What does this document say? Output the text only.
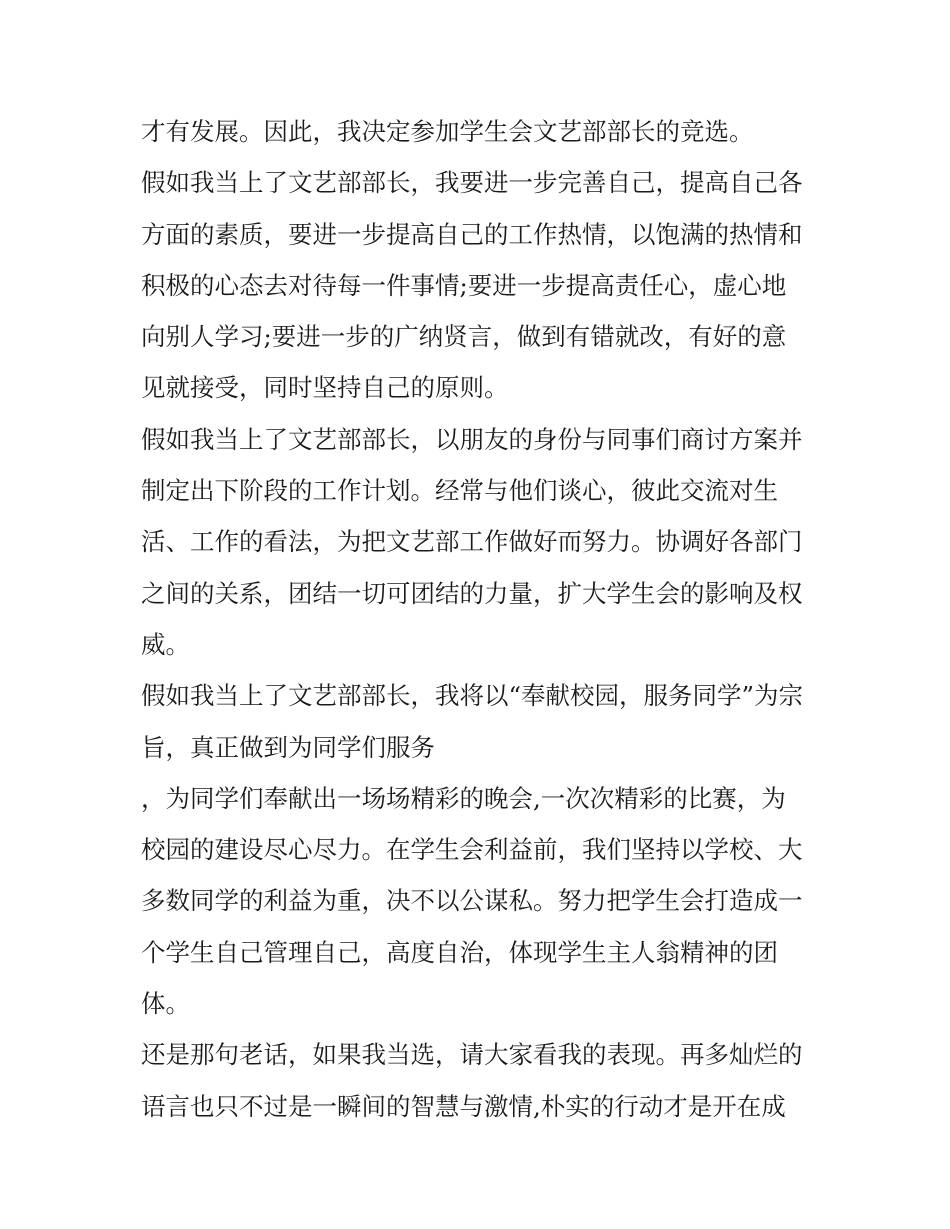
才有发展。因此，我决定参加学生会文艺部部长的竞选。
假如我当上了文艺部部长，我要进一步完善自己，提高自己各
方面的素质，要进一步提高自己的工作热情，以饱满的热情和
积极的心态去对待每一件事情;要进一步提高责任心，虚心地
向别人学习;要进一步的广纳贤言，做到有错就改，有好的意
见就接受，同时坚持自己的原则。
假如我当上了文艺部部长，以朋友的身份与同事们商讨方案并
制定出下阶段的工作计划。经常与他们谈心，彼此交流对生
活、工作的看法，为把文艺部工作做好而努力。协调好各部门
之间的关系，团结一切可团结的力量，扩大学生会的影响及权
威。
假如我当上了文艺部部长，我将以“奉献校园，服务同学”为宗
旨，真正做到为同学们服务
，为同学们奉献出一场场精彩的晚会,一次次精彩的比赛，为
校园的建设尽心尽力。在学生会利益前，我们坚持以学校、大
多数同学的利益为重，决不以公谋私。努力把学生会打造成一
个学生自己管理自己，高度自治，体现学生主人翁精神的团
体。
还是那句老话，如果我当选，请大家看我的表现。再多灿烂的
语言也只不过是一瞬间的智慧与激情,朴实的行动才是开在成
